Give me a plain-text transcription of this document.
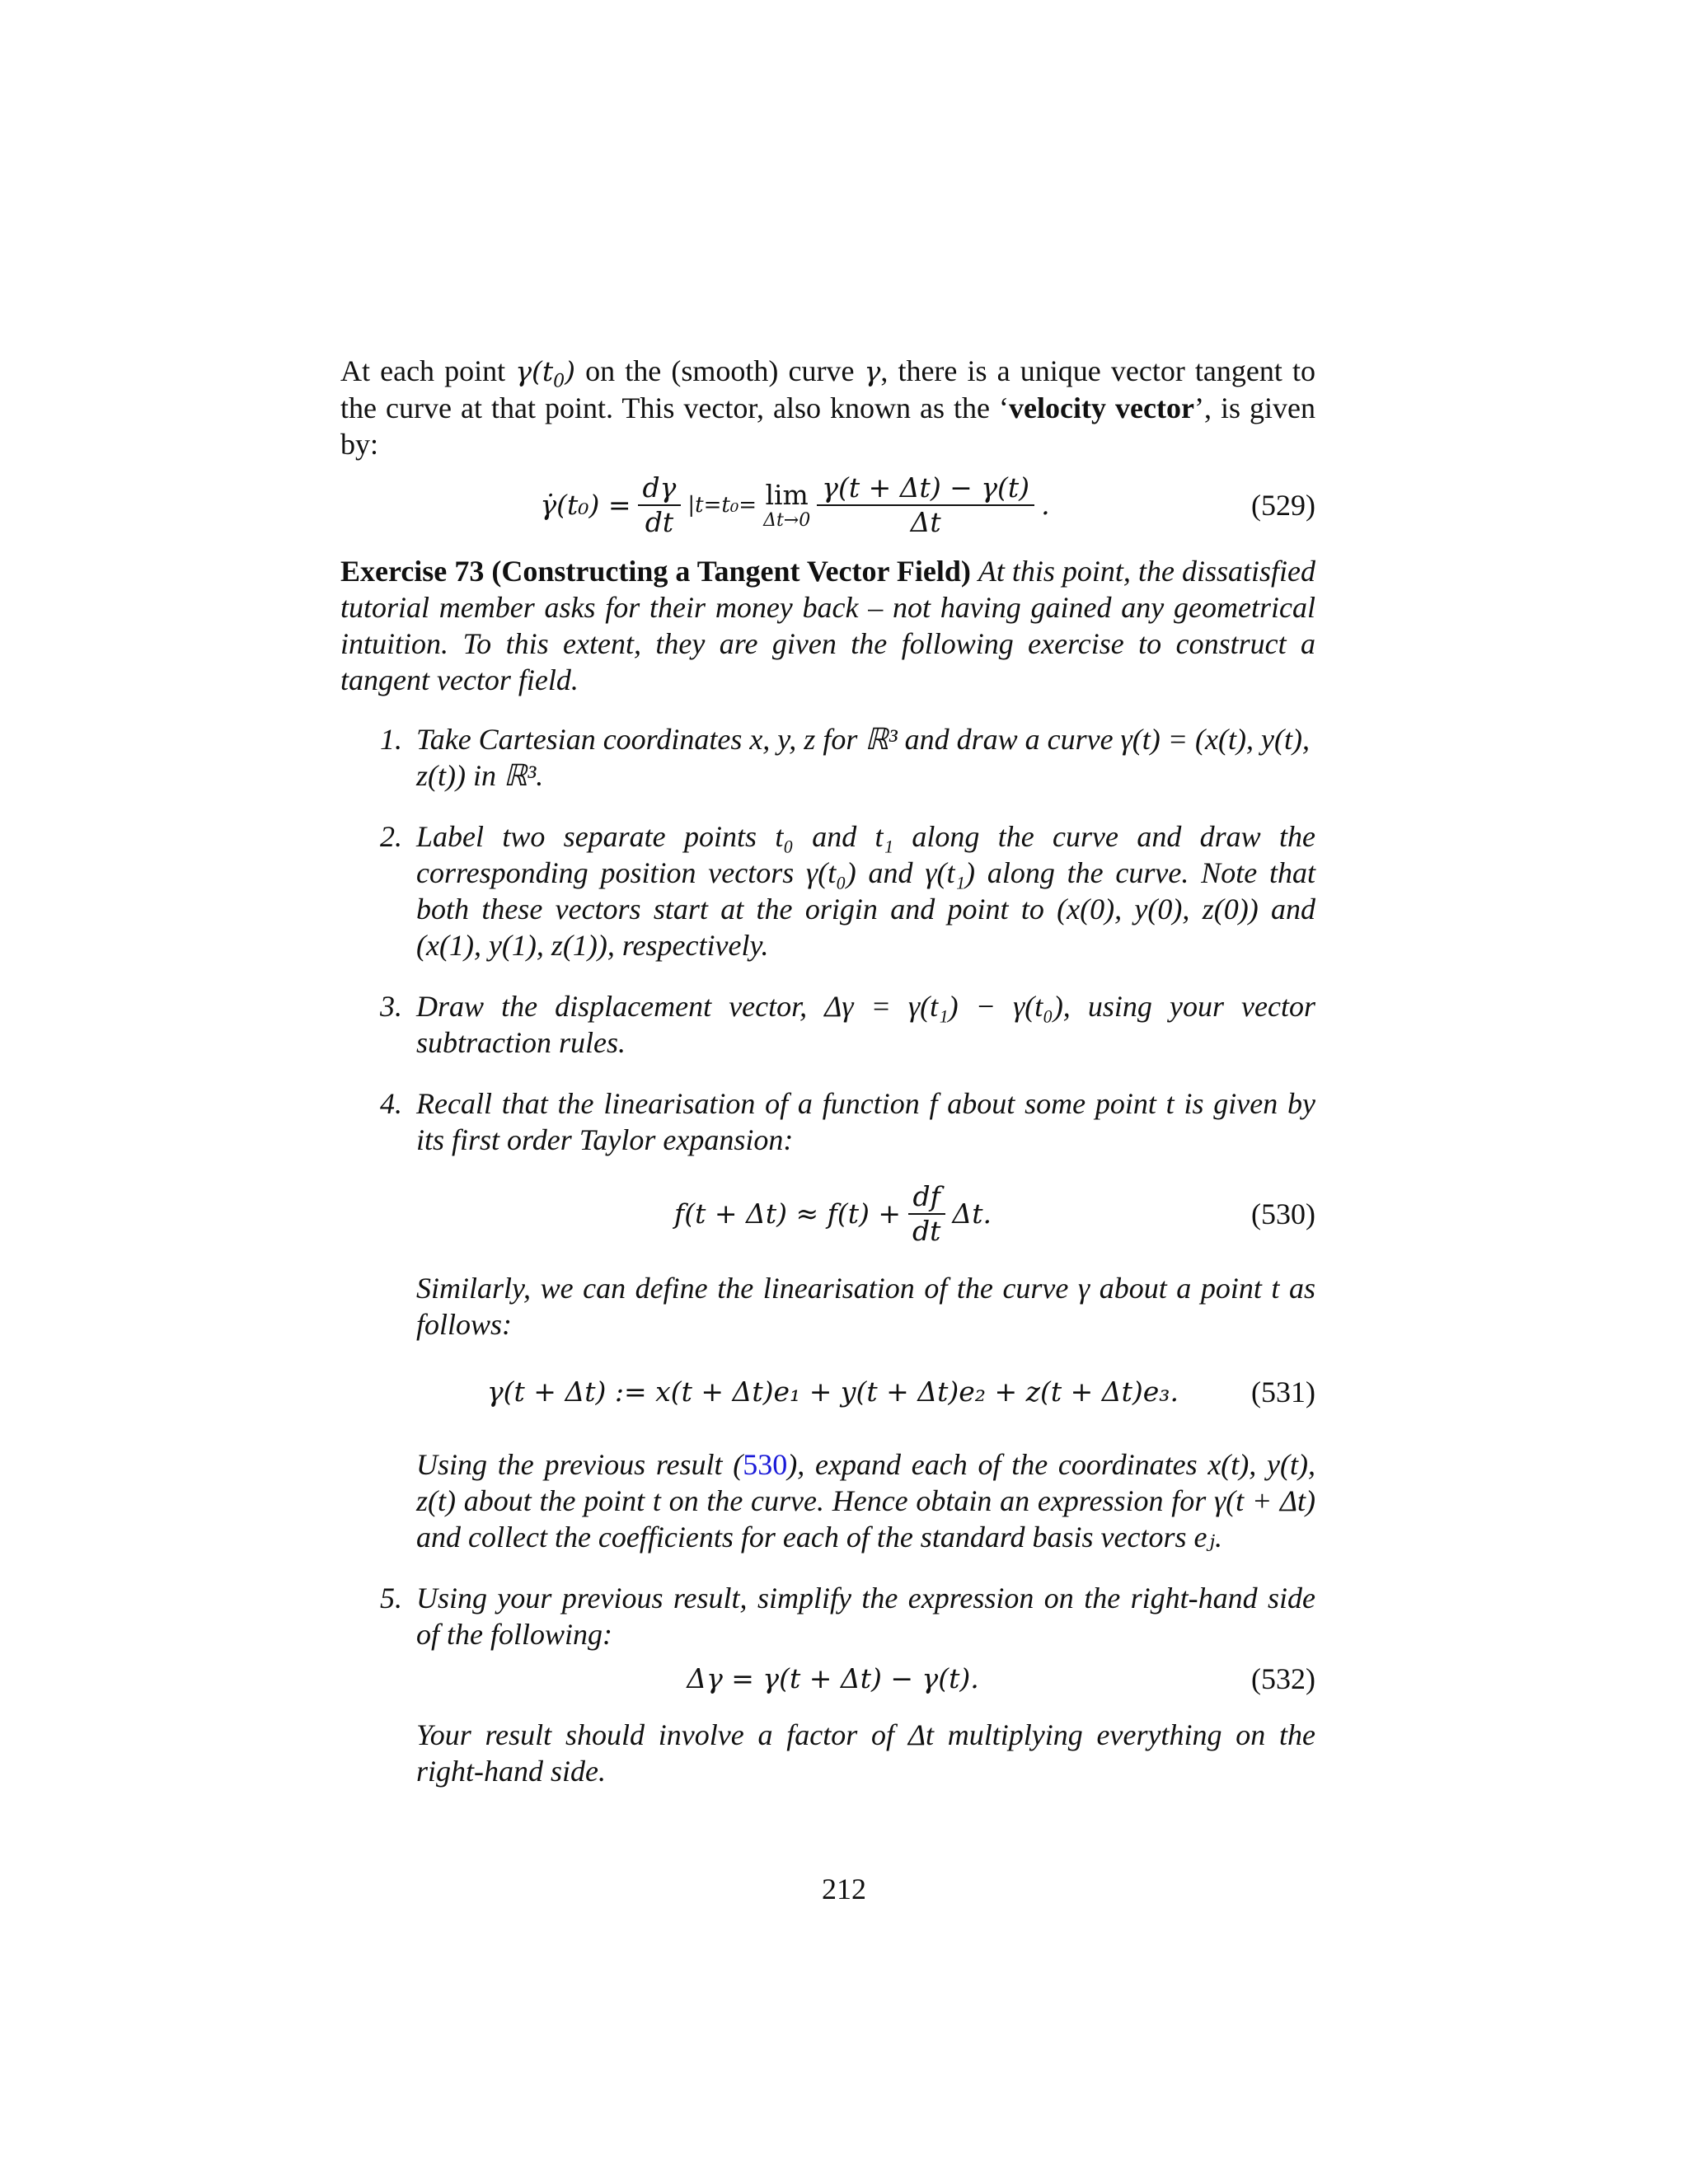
At each point $\gamma(t_0)$ on the (smooth) curve γ, there is a unique vector tangent to the curve at that point. This vector, also known as the ‘velocity vector’, is given by:

γ̇(t₀) = $\frac{d\gamma}{dt} |t=t_0= \lim$
$\Delta t\to 0 \frac{\gamma(t + \Delta t) - \gamma(t)}{\Delta t}$ .	(529)

Exercise 73 (Constructing a Tangent Vector Field) At this point, the dissatisfied tutorial member asks for their money back – not having gained any geometrical intuition. To this extent, they are given the following exercise to construct a tangent vector field.

1. Take Cartesian coordinates x, y, z for ℝ³ and draw a curve γ(t) = (x(t), y(t), z(t)) in ℝ³.

2. Label two separate points t₀ and t₁ along the curve and draw the corresponding position vectors γ(t₀) and γ(t₁) along the curve. Note that both these vectors start at the origin and point to (x(0), y(0), z(0)) and (x(1), y(1), z(1)), respectively.

3. Draw the displacement vector, Δγ = γ(t₁) − γ(t₀), using your vector subtraction rules.

4. Recall that the linearisation of a function f about some point t is given by its first order Taylor expansion:

$f(t + \Delta t) \approx f(t) + \frac{df}{dt} \Delta t$.	(530)

Similarly, we can define the linearisation of the curve γ about a point t as follows:

γ(t + Δt) := x(t + Δt)e₁ + y(t + Δt)e₂ + z(t + Δt)e₃. (531)

Using the previous result (530), expand each of the coordinates x(t), y(t), z(t) about the point t on the curve. Hence obtain an expression for γ(t + Δt) and collect the coefficients for each of the standard basis vectors eⱼ.

5. Using your previous result, simplify the expression on the right-hand side of the following:

Δγ = γ(t + Δt) − γ(t).	(532)

Your result should involve a factor of Δt multiplying everything on the right-hand side.

212
